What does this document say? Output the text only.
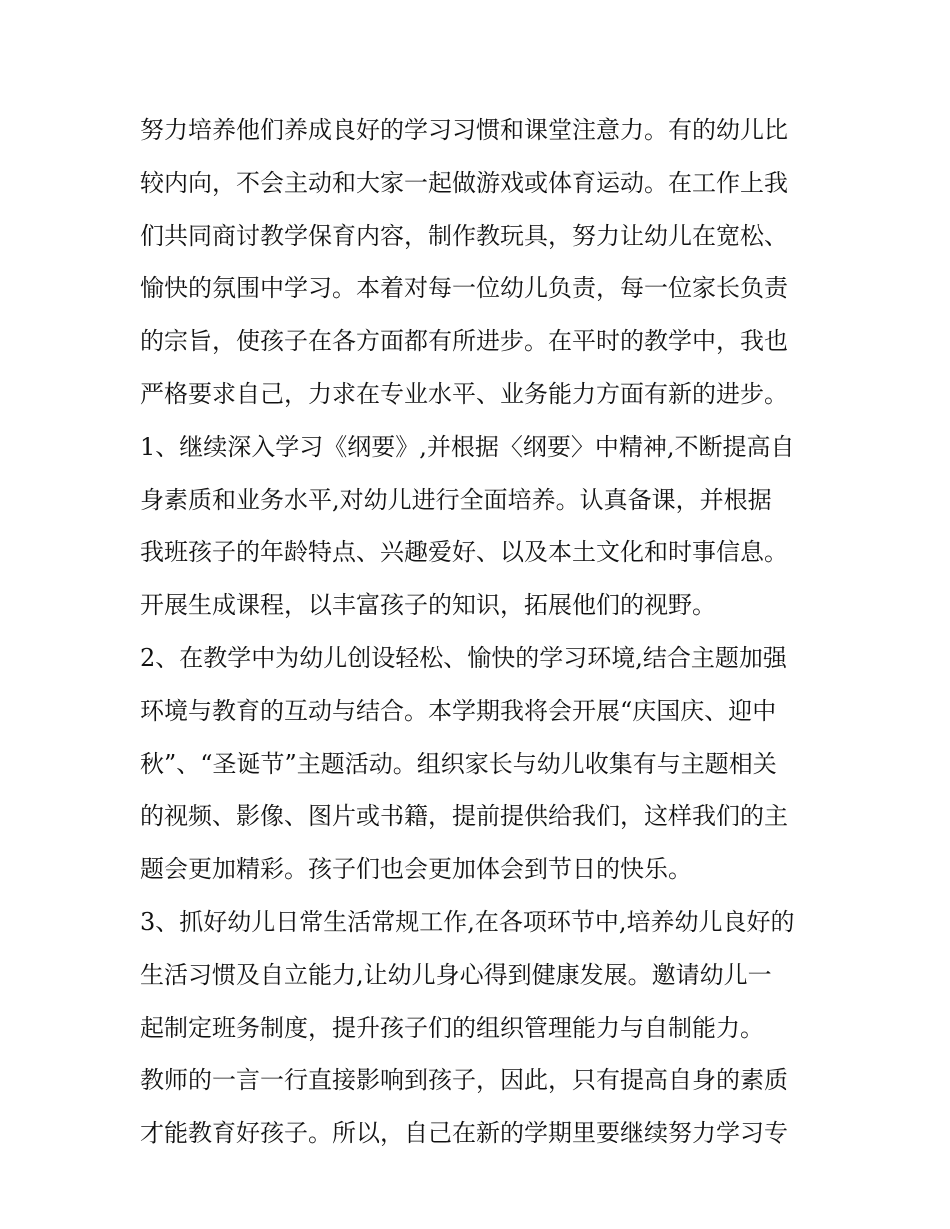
努力培养他们养成良好的学习习惯和课堂注意力。有的幼儿比
较内向，不会主动和大家一起做游戏或体育运动。在工作上我
们共同商讨教学保育内容，制作教玩具，努力让幼儿在宽松、
愉快的氛围中学习。本着对每一位幼儿负责，每一位家长负责
的宗旨，使孩子在各方面都有所进步。在平时的教学中，我也
严格要求自己，力求在专业水平、业务能力方面有新的进步。
1、继续深入学习《纲要》,并根据〈纲要〉中精神,不断提高自
身素质和业务水平,对幼儿进行全面培养。认真备课，并根据
我班孩子的年龄特点、兴趣爱好、以及本土文化和时事信息。
开展生成课程，以丰富孩子的知识，拓展他们的视野。
2、在教学中为幼儿创设轻松、愉快的学习环境,结合主题加强
环境与教育的互动与结合。本学期我将会开展“庆国庆、迎中
秋”、“圣诞节”主题活动。组织家长与幼儿收集有与主题相关
的视频、影像、图片或书籍，提前提供给我们，这样我们的主
题会更加精彩。孩子们也会更加体会到节日的快乐。
3、抓好幼儿日常生活常规工作,在各项环节中,培养幼儿良好的
生活习惯及自立能力,让幼儿身心得到健康发展。邀请幼儿一
起制定班务制度，提升孩子们的组织管理能力与自制能力。
教师的一言一行直接影响到孩子，因此，只有提高自身的素质
才能教育好孩子。所以，自己在新的学期里要继续努力学习专
